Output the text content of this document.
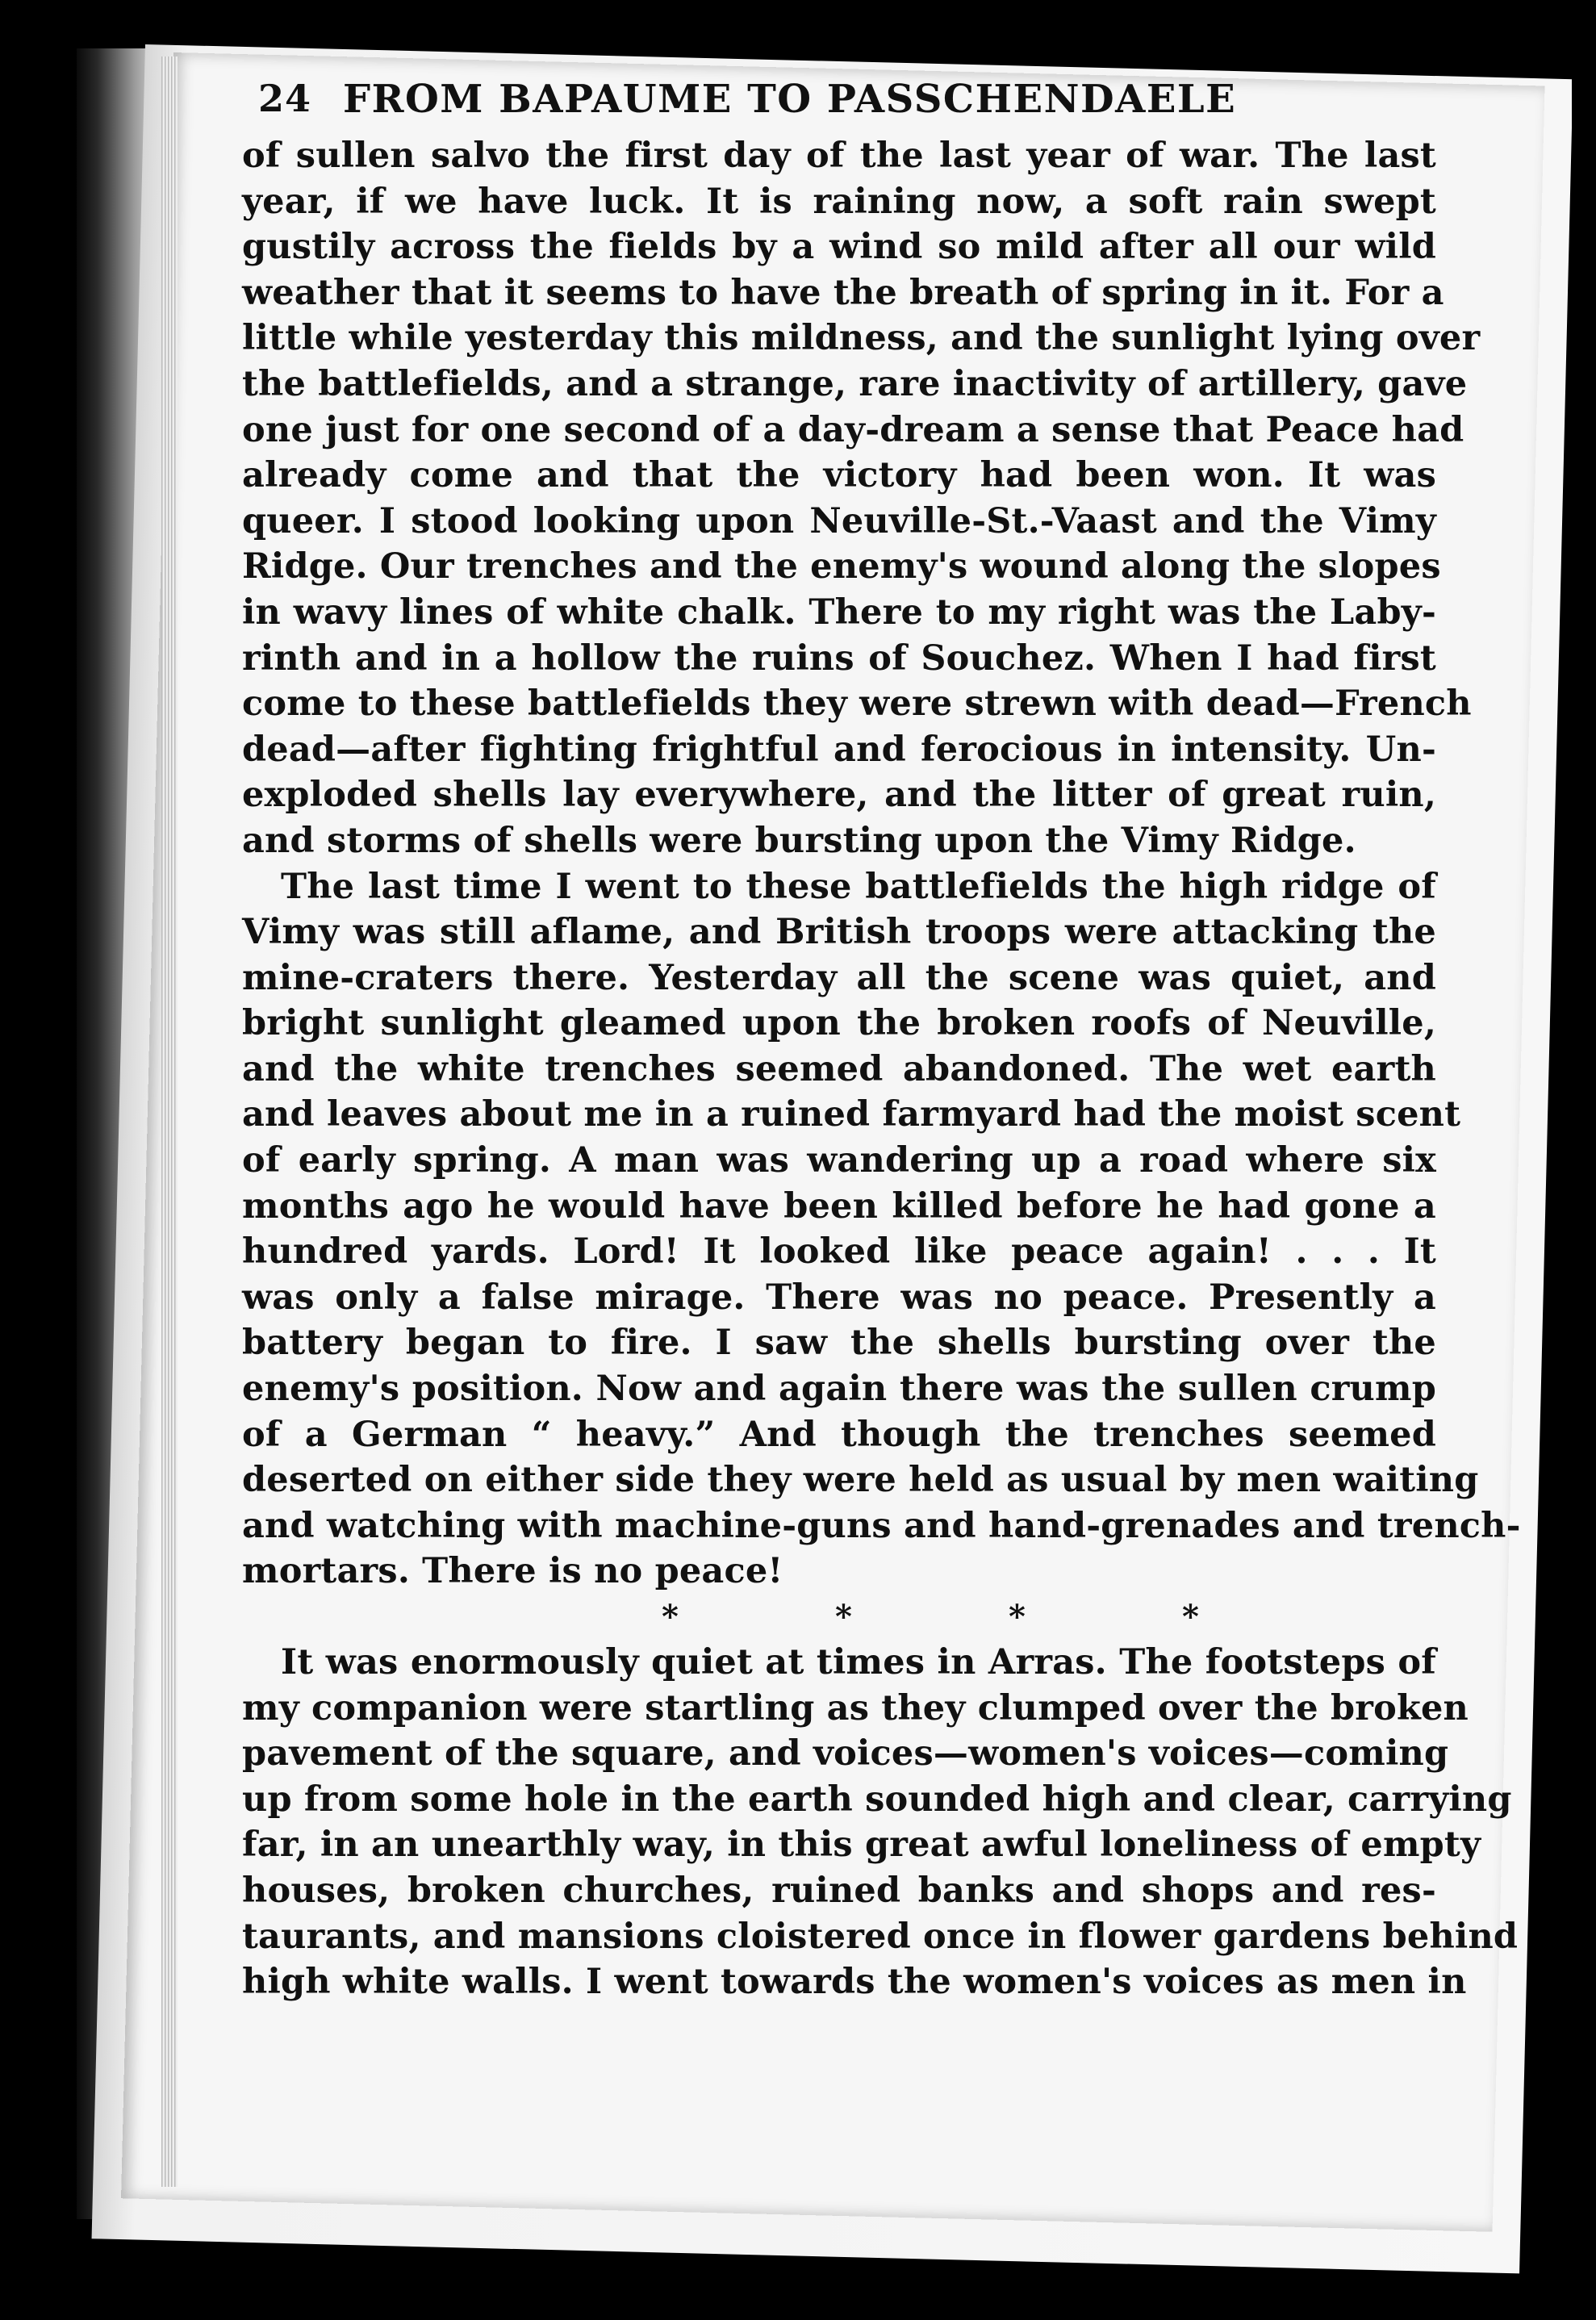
24 FROM BAPAUME TO PASSCHENDAELE

of sullen salvo the first day of the last year of war. The last

year, if we have luck. It is raining now, a soft rain swept

gustily across the fields by a wind so mild after all our wild

weather that it seems to have the breath of spring in it. For a

little while yesterday this mildness, and the sunlight lying over

the battlefields, and a strange, rare inactivity of artillery, gave

one just for one second of a day-dream a sense that Peace had

already come and that the victory had been won. It was

queer. I stood looking upon Neuville-St.-Vaast and the Vimy

Ridge. Our trenches and the enemy's wound along the slopes

in wavy lines of white chalk. There to my right was the Laby-

rinth and in a hollow the ruins of Souchez. When I had first

come to these battlefields they were strewn with dead—French

dead—after fighting frightful and ferocious in intensity. Un-

exploded shells lay everywhere, and the litter of great ruin,

and storms of shells were bursting upon the Vimy Ridge.

The last time I went to these battlefields the high ridge of

Vimy was still aflame, and British troops were attacking the

mine-craters there. Yesterday all the scene was quiet, and

bright sunlight gleamed upon the broken roofs of Neuville,

and the white trenches seemed abandoned. The wet earth

and leaves about me in a ruined farmyard had the moist scent

of early spring. A man was wandering up a road where six

months ago he would have been killed before he had gone a

hundred yards. Lord! It looked like peace again! . . . It

was only a false mirage. There was no peace. Presently a

battery began to fire. I saw the shells bursting over the

enemy's position. Now and again there was the sullen crump

of a German “ heavy.” And though the trenches seemed

deserted on either side they were held as usual by men waiting

and watching with machine-guns and hand-grenades and trench-

mortars. There is no peace!

*	*	*	*

It was enormously quiet at times in Arras. The footsteps of

my companion were startling as they clumped over the broken

pavement of the square, and voices—women's voices—coming

up from some hole in the earth sounded high and clear, carrying

far, in an unearthly way, in this great awful loneliness of empty

houses, broken churches, ruined banks and shops and res-

taurants, and mansions cloistered once in flower gardens behind

high white walls. I went towards the women's voices as men in
